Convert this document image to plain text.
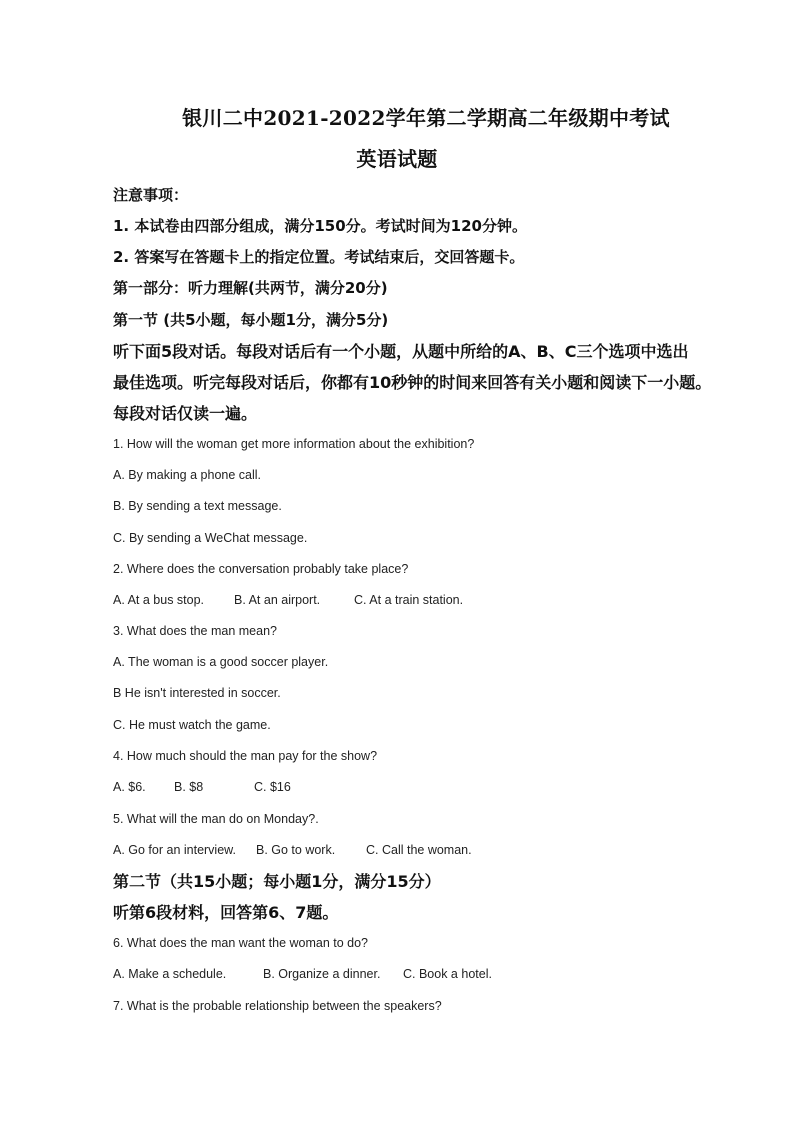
银川二中2021-2022学年第二学期高二年级期中考试
英语试题
注意事项：
1. 本试卷由四部分组成，满分150分。考试时间为120分钟。
2. 答案写在答题卡上的指定位置。考试结束后，交回答题卡。
第一部分：听力理解(共两节，满分20分)
第一节 (共5小题，每小题1分，满分5分)
听下面5段对话。每段对话后有一个小题，从题中所给的A、B、C三个选项中选出
最佳选项。听完每段对话后，你都有10秒钟的时间来回答有关小题和阅读下一小题。
每段对话仅读一遍。
1. How will the woman get more information about the exhibition?
A. By making a phone call.
B. By sending a text message.
C. By sending a WeChat message.
2. Where does the conversation probably take place?
A. At a bus stop. B. At an airport.	C. At a train station.
3. What does the man mean?
A. The woman is a good soccer player.
B He isn't interested in soccer.
C. He must watch the game.
4. How much should the man pay for the show?
A. $6. B. $8	C. $16
5. What will the man do on Monday?.
A. Go for an interview. B. Go to work. C. Call the woman.
第二节（共15小题；每小题1分，满分15分）
听第6段材料，回答第6、7题。
6. What does the man want the woman to do?
A. Make a schedule.	B. Organize a dinner. C. Book a hotel.
7. What is the probable relationship between the speakers?
